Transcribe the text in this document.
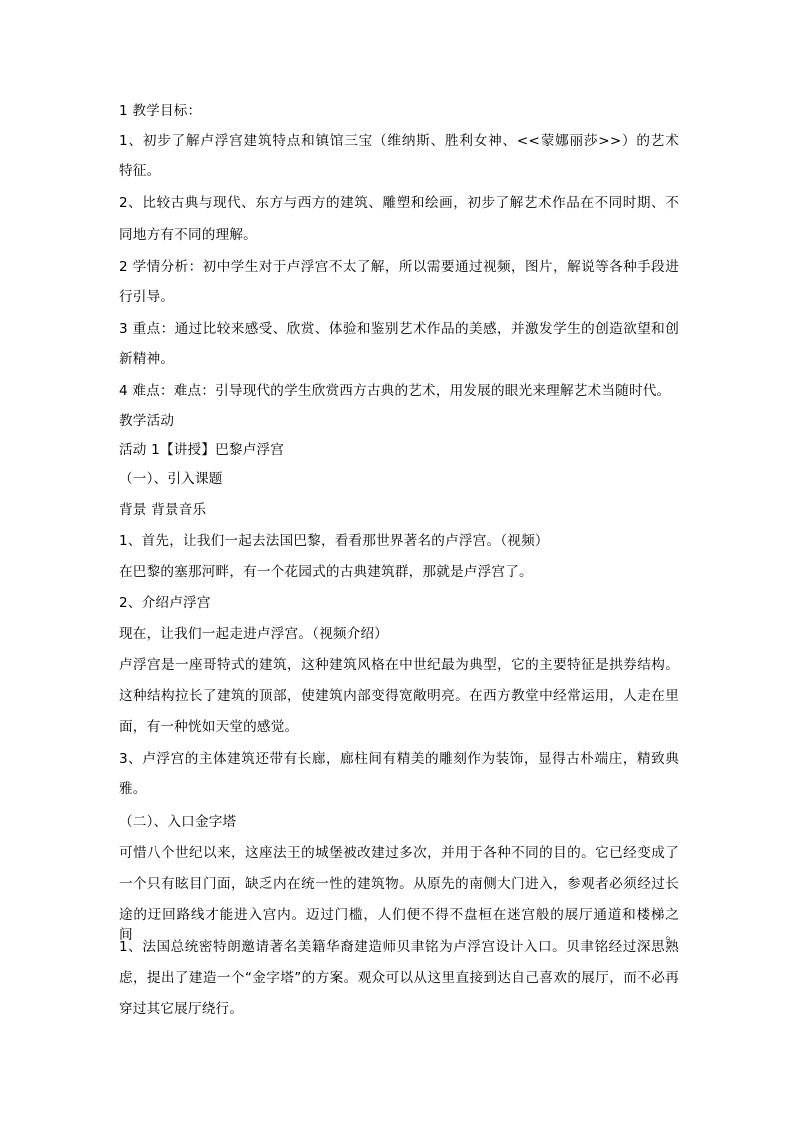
1 教学目标：
1、初步了解卢浮宫建筑特点和镇馆三宝（维纳斯、胜利女神、<<蒙娜丽莎>>）的艺术
特征。
2、比较古典与现代、东方与西方的建筑、雕塑和绘画，初步了解艺术作品在不同时期、不
同地方有不同的理解。
2 学情分析：初中学生对于卢浮宫不太了解，所以需要通过视频，图片，解说等各种手段进
行引导。
3 重点：通过比较来感受、欣赏、体验和鉴别艺术作品的美感，并激发学生的创造欲望和创
新精神。
4 难点：难点：引导现代的学生欣赏西方古典的艺术，用发展的眼光来理解艺术当随时代。
教学活动
活动 1【讲授】巴黎卢浮宫
（一）、引入课题
背景 背景音乐
1、首先，让我们一起去法国巴黎，看看那世界著名的卢浮宫。（视频）
在巴黎的塞那河畔，有一个花园式的古典建筑群，那就是卢浮宫了。
2、介绍卢浮宫
现在，让我们一起走进卢浮宫。（视频介绍）
卢浮宫是一座哥特式的建筑，这种建筑风格在中世纪最为典型，它的主要特征是拱券结构。
这种结构拉长了建筑的顶部，使建筑内部变得宽敞明亮。在西方教堂中经常运用，人走在里
面，有一种恍如天堂的感觉。
3、卢浮宫的主体建筑还带有长廊，廊柱间有精美的雕刻作为装饰，显得古朴端庄，精致典
雅。
（二）、入口金字塔
可惜八个世纪以来，这座法王的城堡被改建过多次，并用于各种不同的目的。它已经变成了
一个只有眩目门面，缺乏内在统一性的建筑物。从原先的南侧大门进入，参观者必须经过长
途的迂回路线才能进入宫内。迈过门槛，人们便不得不盘桓在迷宫般的展厅通道和楼梯之间。
1、法国总统密特朗邀请著名美籍华裔建造师贝聿铭为卢浮宫设计入口。贝聿铭经过深思熟
虑，提出了建造一个“金字塔”的方案。观众可以从这里直接到达自己喜欢的展厅，而不必再
穿过其它展厅绕行。
